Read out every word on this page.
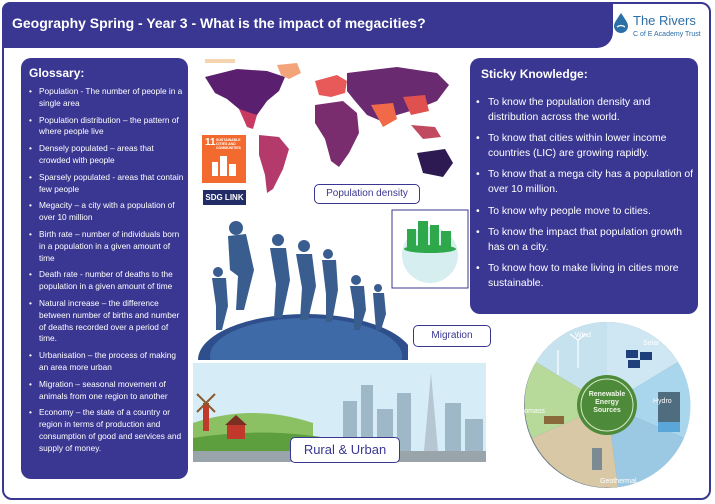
Geography Spring - Year 3 - What is the impact of megacities?	The Rivers
C of E Academy Trust
Glossary:
• Population - The number of people in a single area
• Population distribution – the pattern of where people live
• Densely populated – areas that crowded with people
• Sparsely populated - areas that contain few people
• Megacity – a city with a population of over 10 million
• Birth rate – number of individuals born in a population in a given amount of time
• Death rate - number of deaths to the population in a given amount of time
• Natural increase – the difference between number of births and number of deaths recorded over a period of time.
• Urbanisation – the process of making an area more urban
• Migration – seasonal movement of animals from one region to another
• Economy – the state of a country or region in terms of production and consumption of good and services and supply of money.
Sticky Knowledge:
• To know the population density and distribution across the world.
• To know that cities within lower income countries (LIC) are growing rapidly.
• To know that a mega city has a population of over 10 million.
• To know why people move to cities.
• To know the impact that population growth has on a city.
• To know how to make living in cities more sustainable.
11 SUSTAINABLE CITIES AND COMMUNITIES
SDG LINK	Population density
Migration
Rural & Urban
Renewable Energy Sources
Wind
Solar
Hydro
Geothermal
Biomass
